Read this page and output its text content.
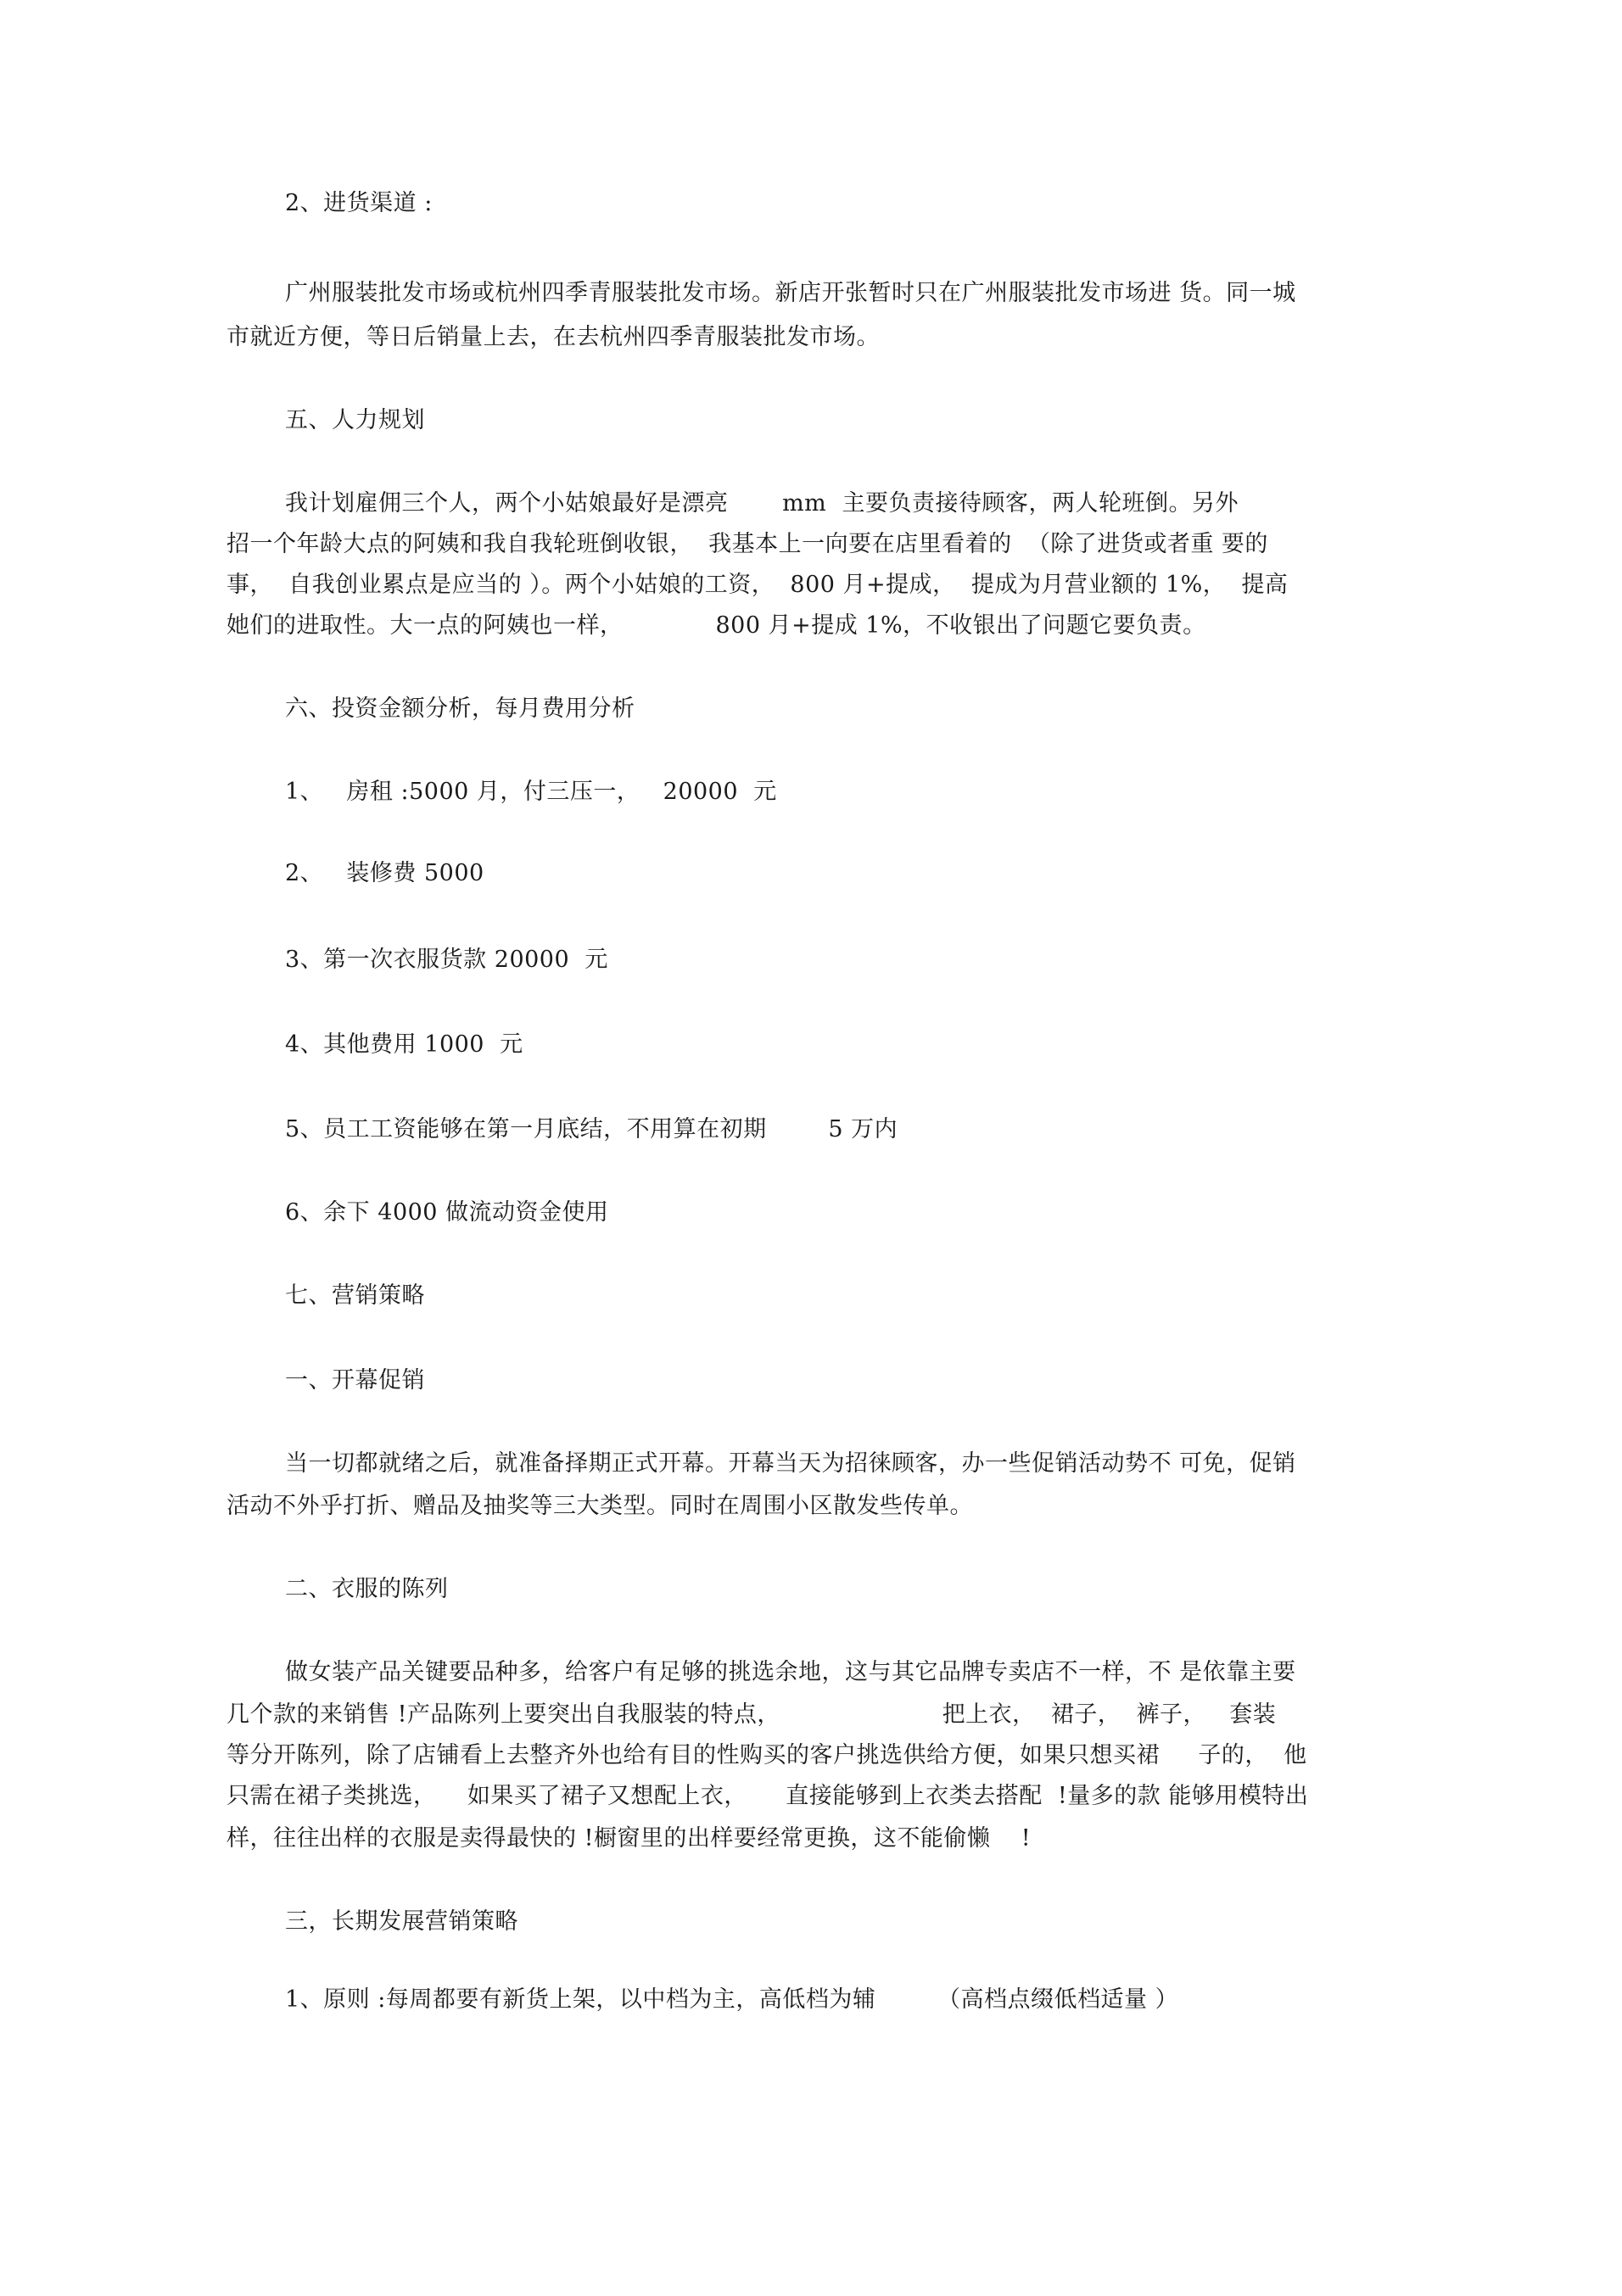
2、进货渠道 :
广州服装批发市场或杭州四季青服装批发市场。新店开张暂时只在广州服装批发市场进 货。同一城
市就近方便，等日后销量上去，在去杭州四季青服装批发市场。
五、人力规划
我计划雇佣三个人，两个小姑娘最好是漂亮       mm  主要负责接待顾客，两人轮班倒。另外
招一个年龄大点的阿姨和我自我轮班倒收银，  我基本上一向要在店里看着的  （除了进货或者重 要的
事，  自我创业累点是应当的 ）。两个小姑娘的工资，  800 月+提成，  提成为月营业额的 1%，  提高
她们的进取性。大一点的阿姨也一样，            800 月+提成 1%，不收银出了问题它要负责。
六、投资金额分析，每月费用分析
1、   房租 :5000 月，付三压一，   20000  元
2、   装修费 5000
3、第一次衣服货款 20000  元
4、其他费用 1000  元
5、员工工资能够在第一月底结，不用算在初期        5 万内
6、余下 4000 做流动资金使用
七、营销策略
一、开幕促销
当一切都就绪之后，就准备择期正式开幕。开幕当天为招徕顾客，办一些促销活动势不 可免，促销
活动不外乎打折、赠品及抽奖等三大类型。同时在周围小区散发些传单。
二、衣服的陈列
做女装产品关键要品种多，给客户有足够的挑选余地，这与其它品牌专卖店不一样，不 是依靠主要
几个款的来销售 !产品陈列上要突出自我服装的特点，                     把上衣，  裙子，  裤子，   套装
等分开陈列，除了店铺看上去整齐外也给有目的性购买的客户挑选供给方便，如果只想买裙     子的，  他
只需在裙子类挑选，    如果买了裙子又想配上衣，     直接能够到上衣类去搭配  !量多的款 能够用模特出
样，往往出样的衣服是卖得最快的 !橱窗里的出样要经常更换，这不能偷懒    !
三，长期发展营销策略
1、原则 :每周都要有新货上架，以中档为主，高低档为辅        （高档点缀低档适量 ）
